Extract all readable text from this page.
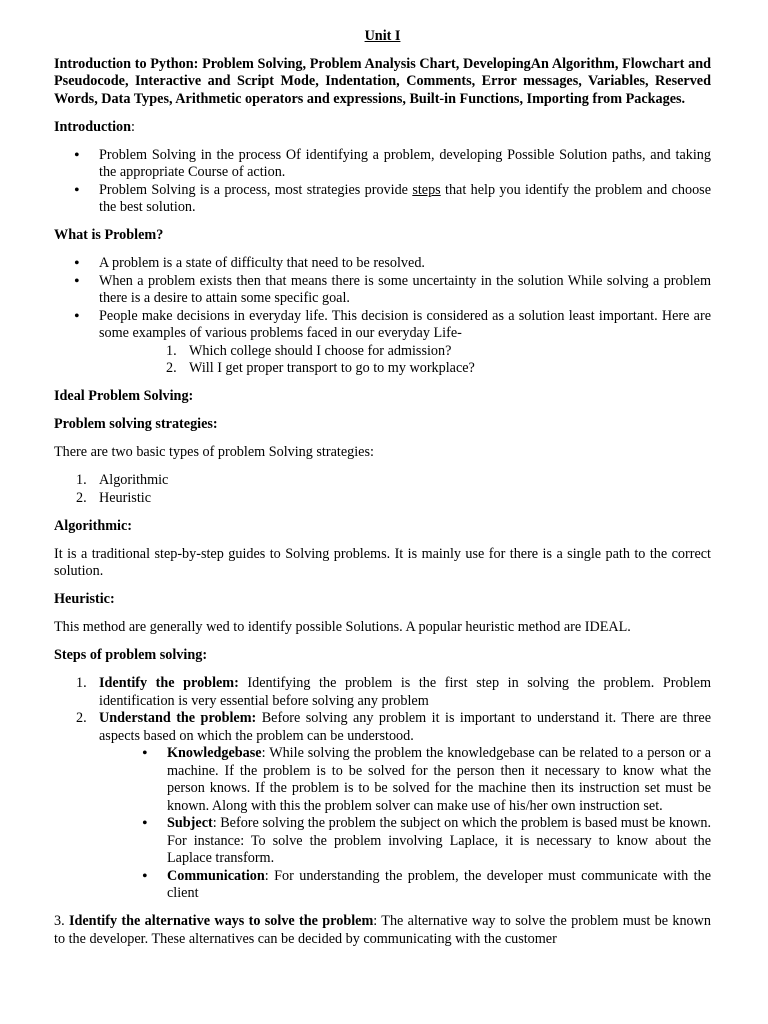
Unit I

Introduction to Python: Problem Solving, Problem Analysis Chart, DevelopingAn Algorithm, Flowchart and Pseudocode, Interactive and Script Mode, Indentation, Comments, Error messages, Variables, Reserved Words, Data Types, Arithmetic operators and expressions, Built-in Functions, Importing from Packages.

Introduction:

• Problem Solving in the process Of identifying a problem, developing Possible Solution paths, and taking the appropriate Course of action.
• Problem Solving is a process, most strategies provide steps that help you identify the problem and choose the best solution.

What is Problem?

• A problem is a state of difficulty that need to be resolved.
• When a problem exists then that means there is some uncertainty in the solution While solving a problem there is a desire to attain some specific goal.
• People make decisions in everyday life. This decision is considered as a solution least important. Here are some examples of various problems faced in our everyday Life-
1. Which college should I choose for admission?
2. Will I get proper transport to go to my workplace?

Ideal Problem Solving:

Problem solving strategies:

There are two basic types of problem Solving strategies:

1. Algorithmic
2. Heuristic

Algorithmic:

It is a traditional step-by-step guides to Solving problems. It is mainly use for there is a single path to the correct solution.

Heuristic:

This method are generally wed to identify possible Solutions. A popular heuristic method are IDEAL.

Steps of problem solving:

1. Identify the problem: Identifying the problem is the first step in solving the problem. Problem identification is very essential before solving any problem
2. Understand the problem: Before solving any problem it is important to understand it. There are three aspects based on which the problem can be understood.
• Knowledgebase: While solving the problem the knowledgebase can be related to a person or a machine. If the problem is to be solved for the person then it necessary to know what the person knows. If the problem is to be solved for the machine then its instruction set must be known. Along with this the problem solver can make use of his/her own instruction set.
• Subject: Before solving the problem the subject on which the problem is based must be known. For instance: To solve the problem involving Laplace, it is necessary to know about the Laplace transform.
• Communication: For understanding the problem, the developer must communicate with the client

3. Identify the alternative ways to solve the problem: The alternative way to solve the problem must be known to the developer. These alternatives can be decided by communicating with the customer
